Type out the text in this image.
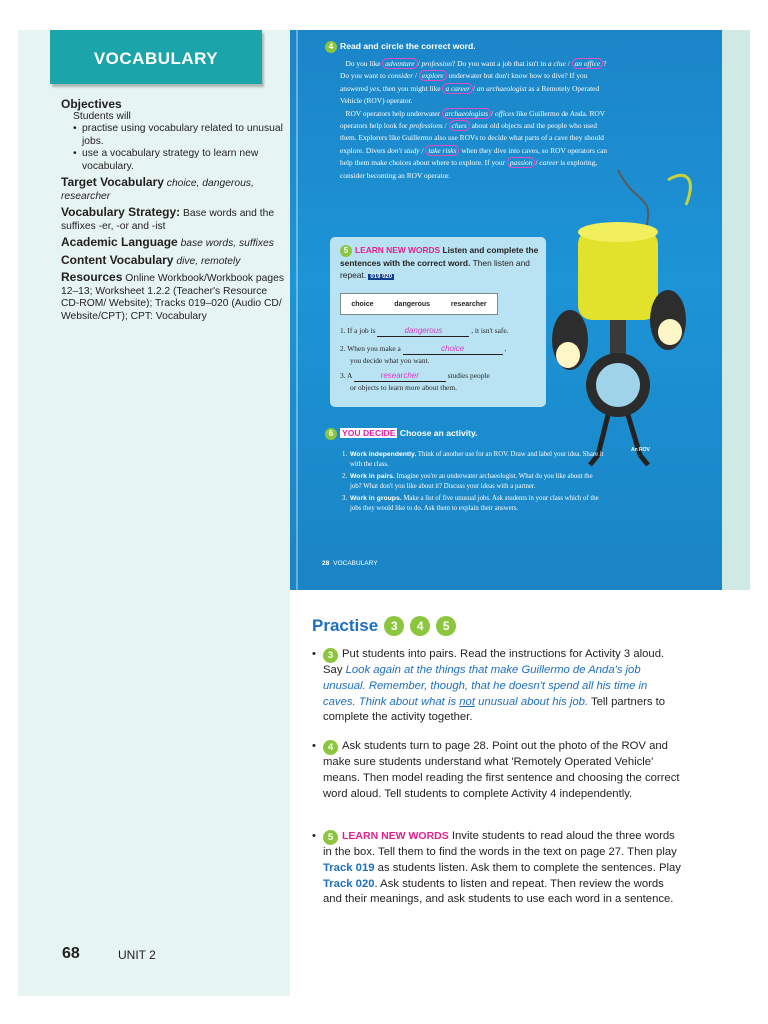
VOCABULARY
Objectives
Students will
• practise using vocabulary related to unusual jobs.
• use a vocabulary strategy to learn new vocabulary.
Target Vocabulary choice, dangerous, researcher
Vocabulary Strategy: Base words and the suffixes -er, -or and -ist
Academic Language base words, suffixes
Content Vocabulary dive, remotely
Resources Online Workbook/Workbook pages 12–13; Worksheet 1.2.2 (Teacher's Resource CD-ROM/ Website); Tracks 019–020 (Audio CD/ Website/CPT); CPT: Vocabulary
68	UNIT 2
4 Read and circle the correct word.
Do you like adventure / profession? Do you want a job that isn't in a clue / an office ? Do you want to consider / explore underwater but don't know how to dive? If you answered yes, then you might like a career / an archaeologist as a Remotely Operated Vehicle (ROV) operator.
ROV operators help underwater archaeologists / offices like Guillermo de Anda. ROV operators help look for professions / clues about old objects and the people who used them. Explorers like Guillermo also use ROVs to decide what parts of a cave they should explore. Divers don't study / take risks when they dive into caves, so ROV operators can help them make choices about where to explore. If your passion / career is exploring, consider becoming an ROV operator.
5 LEARN NEW WORDS Listen and complete the sentences with the correct word. Then listen and repeat. 019 020
choice	dangerous	researcher
1. If a job is	dangerous	, it isn't safe.
2. When you make a	choice	,
you decide what you want.
3. A	researcher	studies people
or objects to learn more about them.
6 YOU DECIDE Choose an activity.
1. Work independently. Think of another use for an ROV. Draw and label your idea. Share it with the class.
2. Work in pairs. Imagine you're an underwater archaeologist. What do you like about the job? What don't you like about it? Discuss your ideas with a partner.
3. Work in groups. Make a list of five unusual jobs. Ask students in your class which of the jobs they would like to do. Ask them to explain their answers.
An ROV
28 VOCABULARY
Practise	3	4	5
•	3 Put students into pairs. Read the instructions for Activity 3 aloud. Say Look again at the things that make Guillermo de Anda's job unusual. Remember, though, that he doesn't spend all his time in caves. Think about what is not unusual about his job. Tell partners to complete the activity together.
•	4 Ask students turn to page 28. Point out the photo of the ROV and make sure students understand what 'Remotely Operated Vehicle' means. Then model reading the first sentence and choosing the correct word aloud. Tell students to complete Activity 4 independently.
•	5 LEARN NEW WORDS Invite students to read aloud the three words in the box. Tell them to find the words in the text on page 27. Then play Track 019 as students listen. Ask them to complete the sentences. Play Track 020. Ask students to listen and repeat. Then review the words and their meanings, and ask students to use each word in a sentence.
